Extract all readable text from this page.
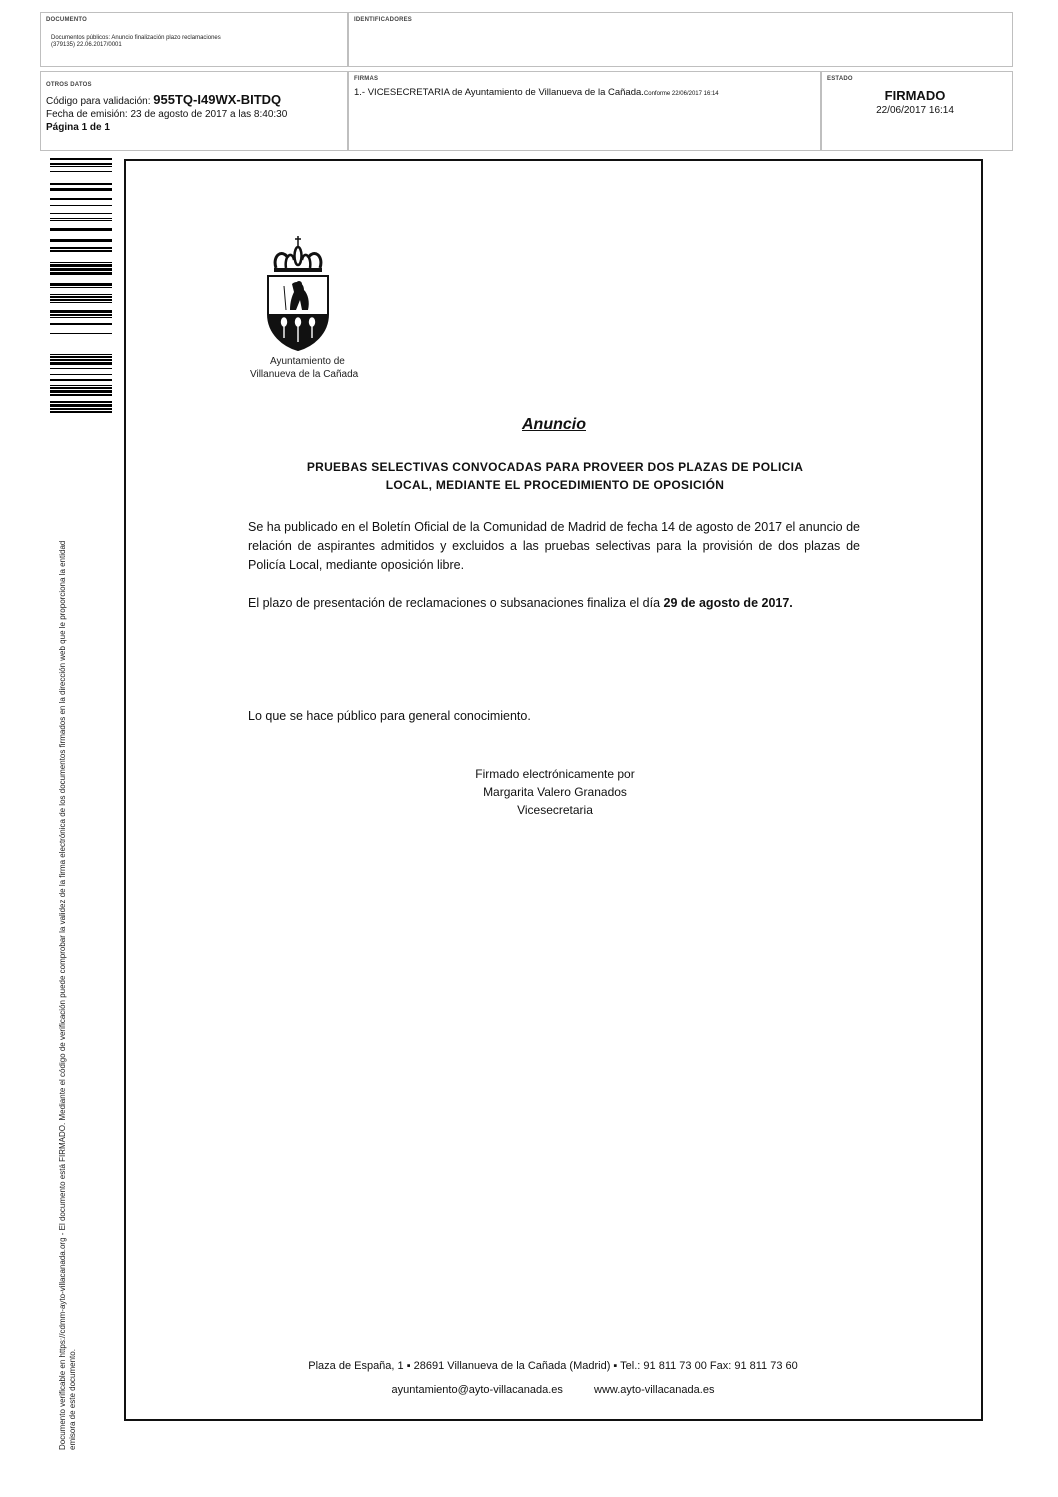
DOCUMENTO
Documentos públicos: Anuncio finalización plazo reclamaciones
(379135) 22.06.2017/0001
IDENTIFICADORES
OTROS DATOS
Código para validación: 955TQ-I49WX-BITDQ
Fecha de emisión: 23 de agosto de 2017 a las 8:40:30
Página 1 de 1
FIRMAS
1.- VICESECRETARIA de Ayuntamiento de Villanueva de la Cañada.Conforme 22/06/2017 16:14
ESTADO
FIRMADO
22/06/2017 16:14
Documento verificable en https://cdmm-ayto-villacanada.org - El documento está FIRMADO. Mediante el código de verificación puede comprobar la validez de la firma electrónica de los documentos firmados en la dirección web que le proporciona la entidad emisora de este documento.
Ayuntamiento de
Villanueva de la Cañada
Anuncio
PRUEBAS SELECTIVAS CONVOCADAS PARA PROVEER DOS PLAZAS DE POLICIA
LOCAL, MEDIANTE EL PROCEDIMIENTO DE OPOSICIÓN
Se ha publicado en el Boletín Oficial de la Comunidad de Madrid de fecha 14 de agosto de 2017 el anuncio de relación de aspirantes admitidos y excluidos a las pruebas selectivas para la provisión de dos plazas de Policía Local, mediante oposición libre.
El plazo de presentación de reclamaciones o subsanaciones finaliza el día 29 de agosto de 2017.
Lo que se hace público para general conocimiento.
Firmado electrónicamente por
Margarita Valero Granados
Vicesecretaria
Plaza de España, 1 ▪ 28691 Villanueva de la Cañada (Madrid) ▪ Tel.: 91 811 73 00 Fax: 91 811 73 60
ayuntamiento@ayto-villacanada.es	www.ayto-villacanada.es
